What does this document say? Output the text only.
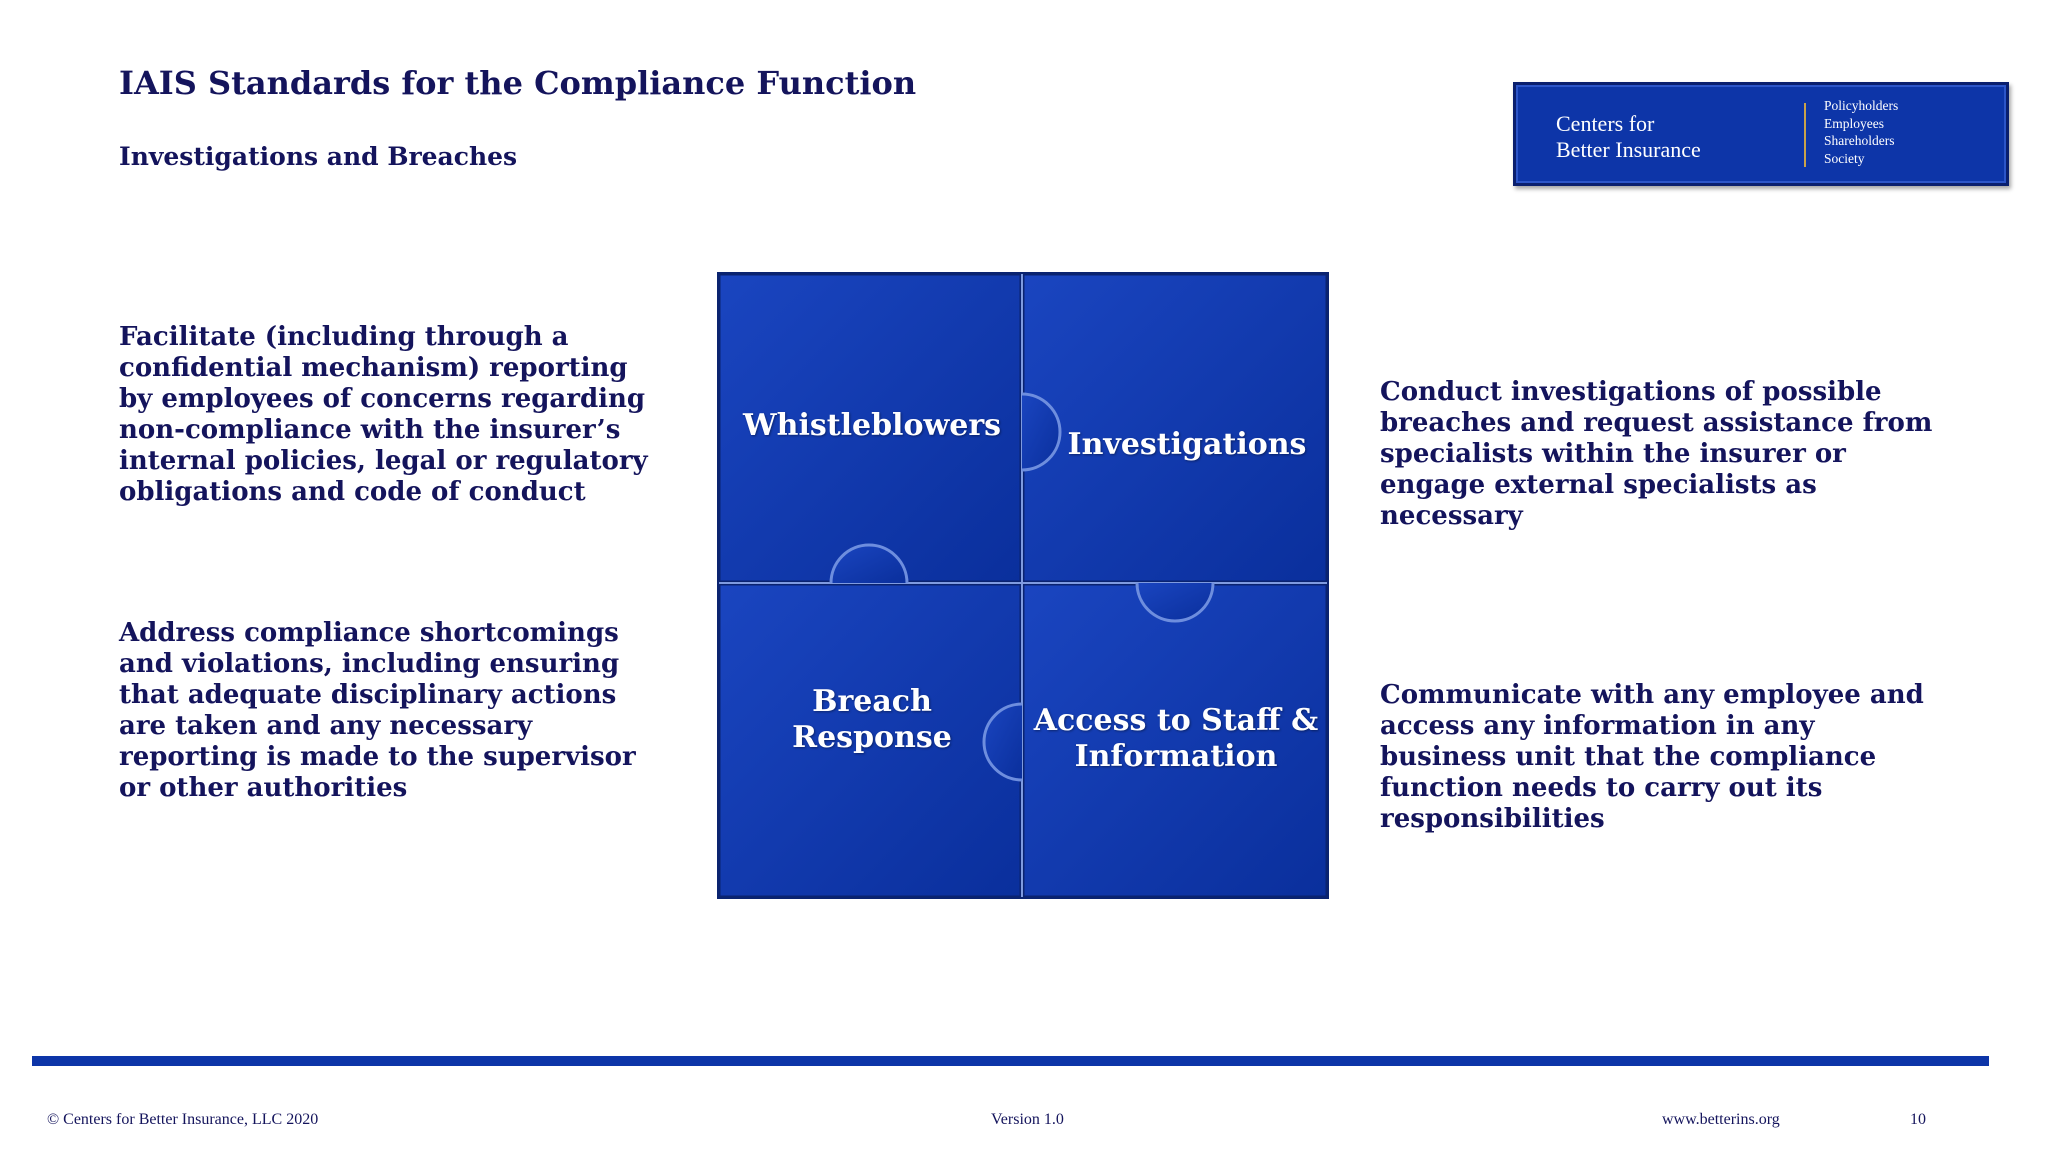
IAIS Standards for the Compliance Function
Investigations and Breaches
Centers for
Better Insurance
Policyholders
Employees
Shareholders
Society
Facilitate (including through a confidential mechanism) reporting by employees of concerns regarding non-compliance with the insurer’s internal policies, legal or regulatory obligations and code of conduct
Address compliance shortcomings and violations, including ensuring that adequate disciplinary actions are taken and any necessary reporting is made to the supervisor or other authorities
Conduct investigations of possible breaches and request assistance from specialists within the insurer or engage external specialists as necessary
Communicate with any employee and access any information in any business unit that the compliance function needs to carry out its responsibilities
Whistleblowers
Investigations
Breach
Response	Access to Staff &
Information
© Centers for Better Insurance, LLC 2020	Version 1.0	www.betterins.org	10
